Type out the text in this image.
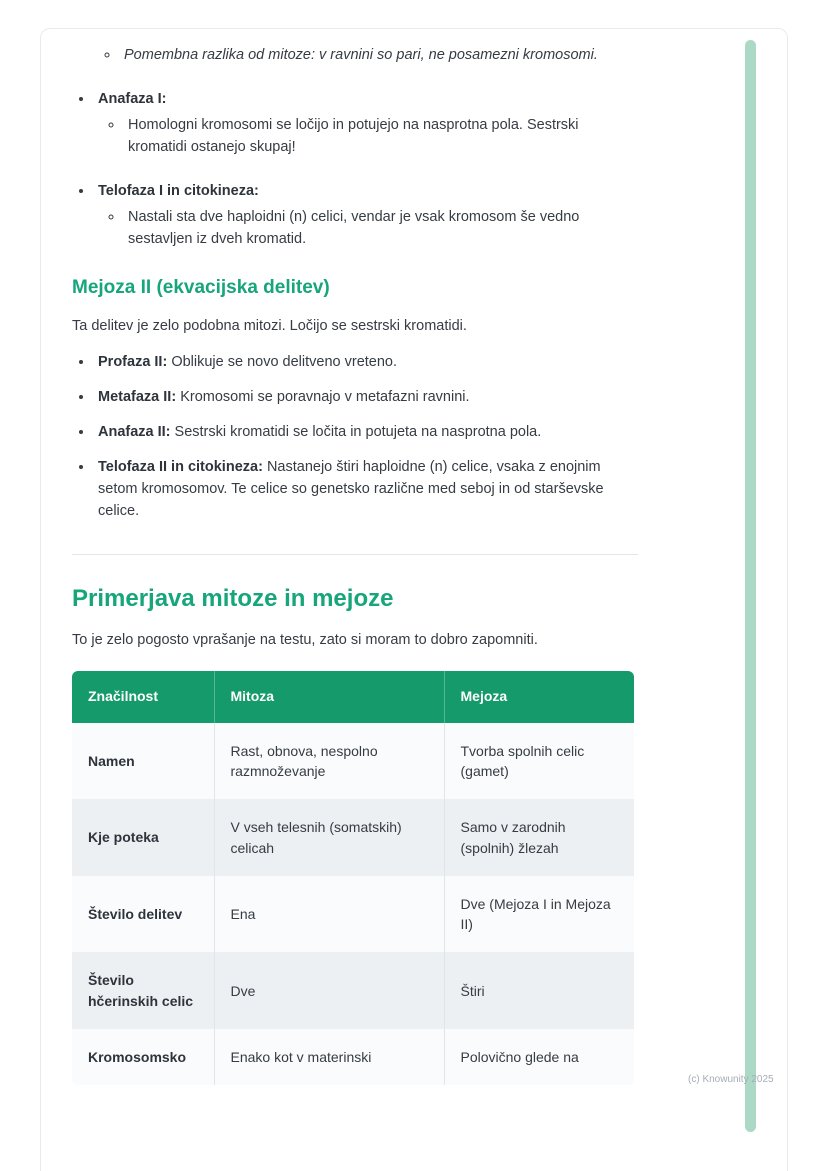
◦ Pomembna razlika od mitoze: v ravnini so pari, ne posamezni kromosomi.
• Anafaza I:
◦ Homologni kromosomi se ločijo in potujejo na nasprotna pola. Sestrski kromatidi ostanejo skupaj!
• Telofaza I in citokineza:
◦ Nastali sta dve haploidni (n) celici, vendar je vsak kromosom še vedno sestavljen iz dveh kromatid.
Mejoza II (ekvacijska delitev)

Ta delitev je zelo podobna mitozi. Ločijo se sestrski kromatidi.

• Profaza II: Oblikuje se novo delitveno vreteno.
• Metafaza II: Kromosomi se poravnajo v metafazni ravnini.
• Anafaza II: Sestrski kromatidi se ločita in potujeta na nasprotna pola.
• Telofaza II in citokineza: Nastanejo štiri haploidne (n) celice, vsaka z enojnim setom kromosomov. Te celice so genetsko različne med seboj in od starševske celice.
Primerjava mitoze in mejoze

To je zelo pogosto vprašanje na testu, zato si moram to dobro zapomniti.

Značilnost	Mitoza	Mejoza
Namen	Rast, obnova, nespolno razmnoževanje	Tvorba spolnih celic (gamet)
Kje poteka	V vseh telesnih (somatskih) celicah	Samo v zarodnih (spolnih) žlezah
Število delitev	Ena	Dve (Mejoza I in Mejoza II)
Število hčerinskih celic	Dve	Štiri
Kromosomsko	Enako kot v materinski	Polovično glede na
(c) Knowunity 2025
